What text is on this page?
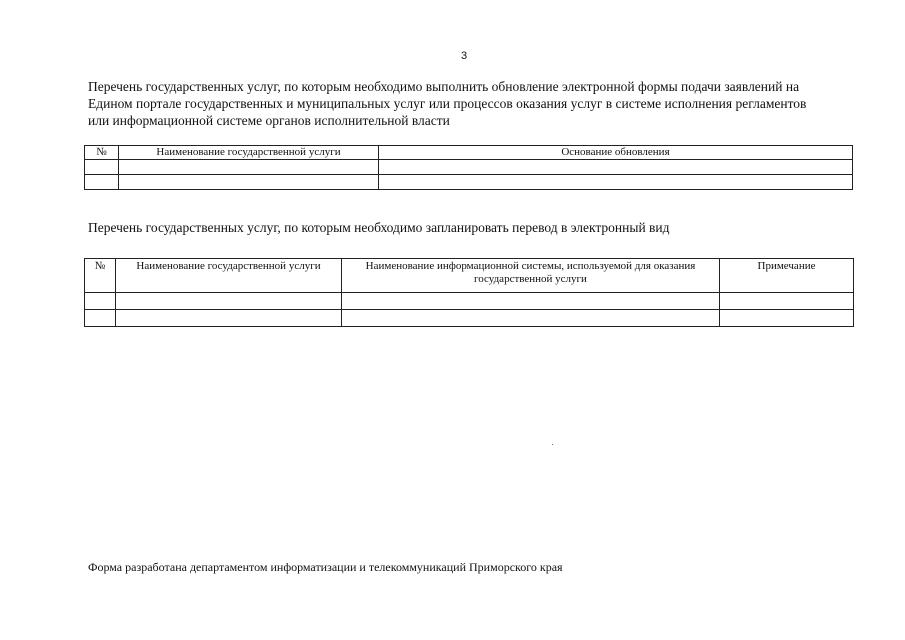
3

Перечень государственных услуг, по которым необходимо выполнить обновление электронной формы подачи заявлений на Едином портале государственных и муниципальных услуг или процессов оказания услуг в системе исполнения регламентов или информационной системе органов исполнительной власти

№	Наименование государственной услуги	Основание обновления

Перечень государственных услуг, по которым необходимо запланировать перевод в электронный вид

№	Наименование государственной услуги	Наименование информационной системы, используемой для оказания государственной услуги	Примечание

Форма разработана департаментом информатизации и телекоммуникаций Приморского края
